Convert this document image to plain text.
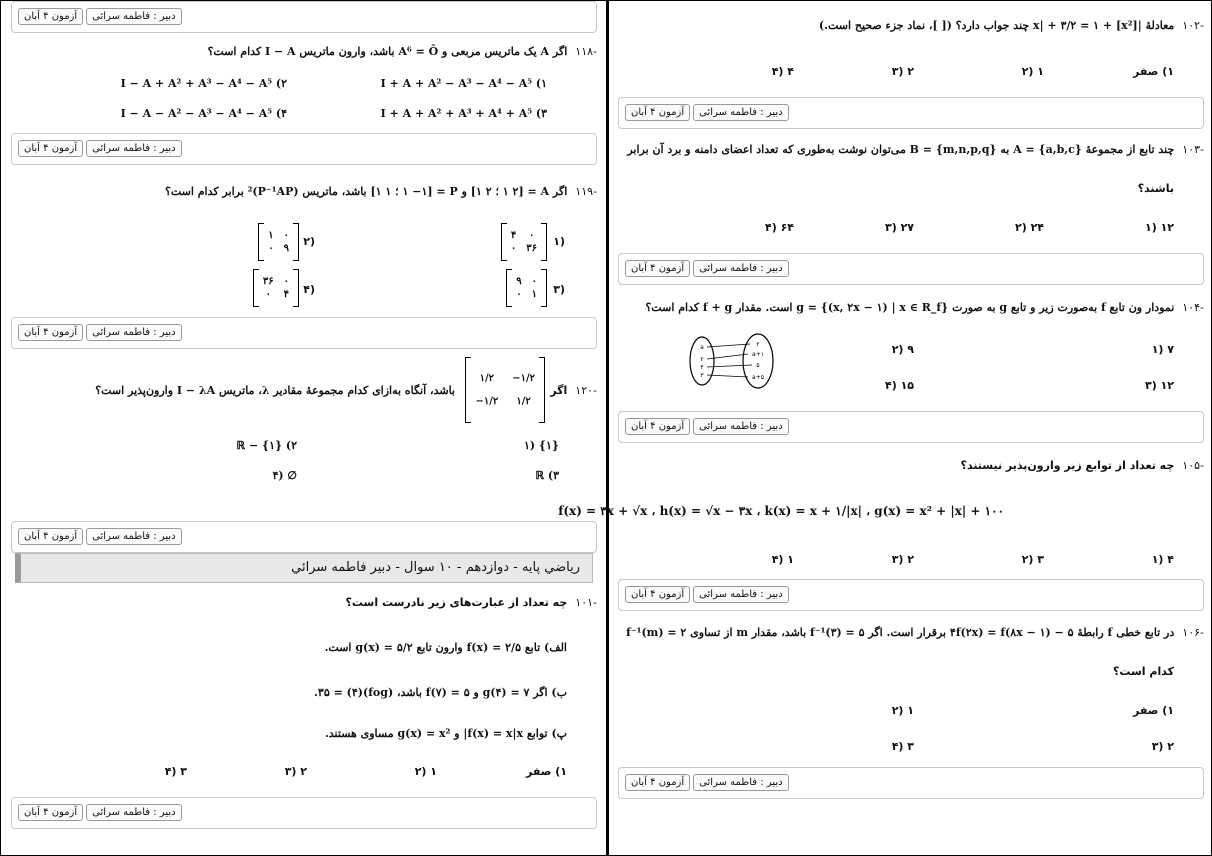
آزمون ۴ آبان	دبیر : فاطمه سرائی
-۱۱۸اگر A یک ماتریس مربعی و A⁶ = Ō باشد، وارون ماتریس I − A کدام است؟
I + A + A² − A³ − A⁴ − A⁵ (۱
I − A + A² + A³ − A⁴ − A⁵ (۲
I + A + A² + A³ + A⁴ + A⁵ (۳
I − A − A² − A³ − A⁴ − A⁵ (۴
آزمون ۴ آبان	دبیر : فاطمه سرائی
-۱۱۹اگر A = [۱ ۲ ؛ ۲ ۱] و P = [۱ −۱ ؛ ۱ ۱] باشد، ماتریس (P⁻¹AP)² برابر کدام است؟
(۱
۴ ۰
۰ ۳۶
(۲
۱ ۰
۰ ۹
(۳
۹ ۰
۰ ۱
(۴
۳۶ ۰
۰ ۴
آزمون ۴ آبان	دبیر : فاطمه سرائی
-۱۲۰اگر
۱/۲	−۱/۲
−۱/۲	۱/۲
باشد، آنگاه به‌ازای کدام مجموعهٔ مقادیر λ، ماتریس I − λA وارون‌پذیر است؟
{۱} (۱
ℝ − {۱} (۲
ℝ (۳
∅ (۴
آزمون ۴ آبان	دبیر : فاطمه سرائی
رياضي پايه - دوازدهم - ۱۰ سوال - دبیر فاطمه سرائي
-۱۰۱چه تعداد از عبارت‌های زیر نادرست است؟
الف) تابع f(x) = ۲/۵ وارون تابع g(x) = ۵/۲ است.
ب) اگر g(۴) = ۷ و f(۷) = ۵ باشد، (fog)(۴) = ۳۵.
پ) توابع f(x) = x|x| و g(x) = x² مساوی هستند.
۱) صفر
۱ (۲
۲ (۳
۳ (۴
آزمون ۴ آبان	دبیر : فاطمه سرائی
-۱۰۲معادلهٔ |x| + ۳/۲ = ۱ + [x²] چند جواب دارد؟ ([ ]، نماد جزء صحیح است.)
۱) صفر
۱ (۲
۲ (۳
۴ (۴
آزمون ۴ آبان	دبیر : فاطمه سرائی
-۱۰۳چند تابع از مجموعهٔ A = {a,b,c} به B = {m,n,p,q} می‌توان نوشت به‌طوری که تعداد اعضای دامنه و برد آن برابر
باشند؟
۱۲ (۱
۲۴ (۲
۲۷ (۳
۶۴ (۴
آزمون ۴ آبان	دبیر : فاطمه سرائی
-۱۰۴نمودار ون تابع f به‌صورت زیر و تابع g به صورت g = {(x, ۲x − ۱) | x ∈ R_f} است. مقدار f + g کدام است؟
۷ (۱
۹ (۲
۱۲ (۳
۱۵ (۴
a
۲
۴
۳
۲
a+۱
۵
a+۵
آزمون ۴ آبان	دبیر : فاطمه سرائی
-۱۰۵چه تعداد از توابع زیر وارون‌پذیر نیستند؟
f(x) = ۳x + √x ، h(x) = √x − ۳x ، k(x) = x + ۱/|x| ، g(x) = x² + |x| + ۱۰۰
۴ (۱
۳ (۲
۲ (۳
۱ (۴
آزمون ۴ آبان	دبیر : فاطمه سرائی
-۱۰۶در تابع خطی f رابطهٔ ۴f(۲x) = f(۸x − ۱) − ۵ برقرار است. اگر f⁻¹(۳) = ۵ باشد، مقدار m از تساوی f⁻¹(m) = ۲
کدام است؟
۱) صفر
۱ (۲
۲ (۳
۳ (۴
آزمون ۴ آبان	دبیر : فاطمه سرائی
